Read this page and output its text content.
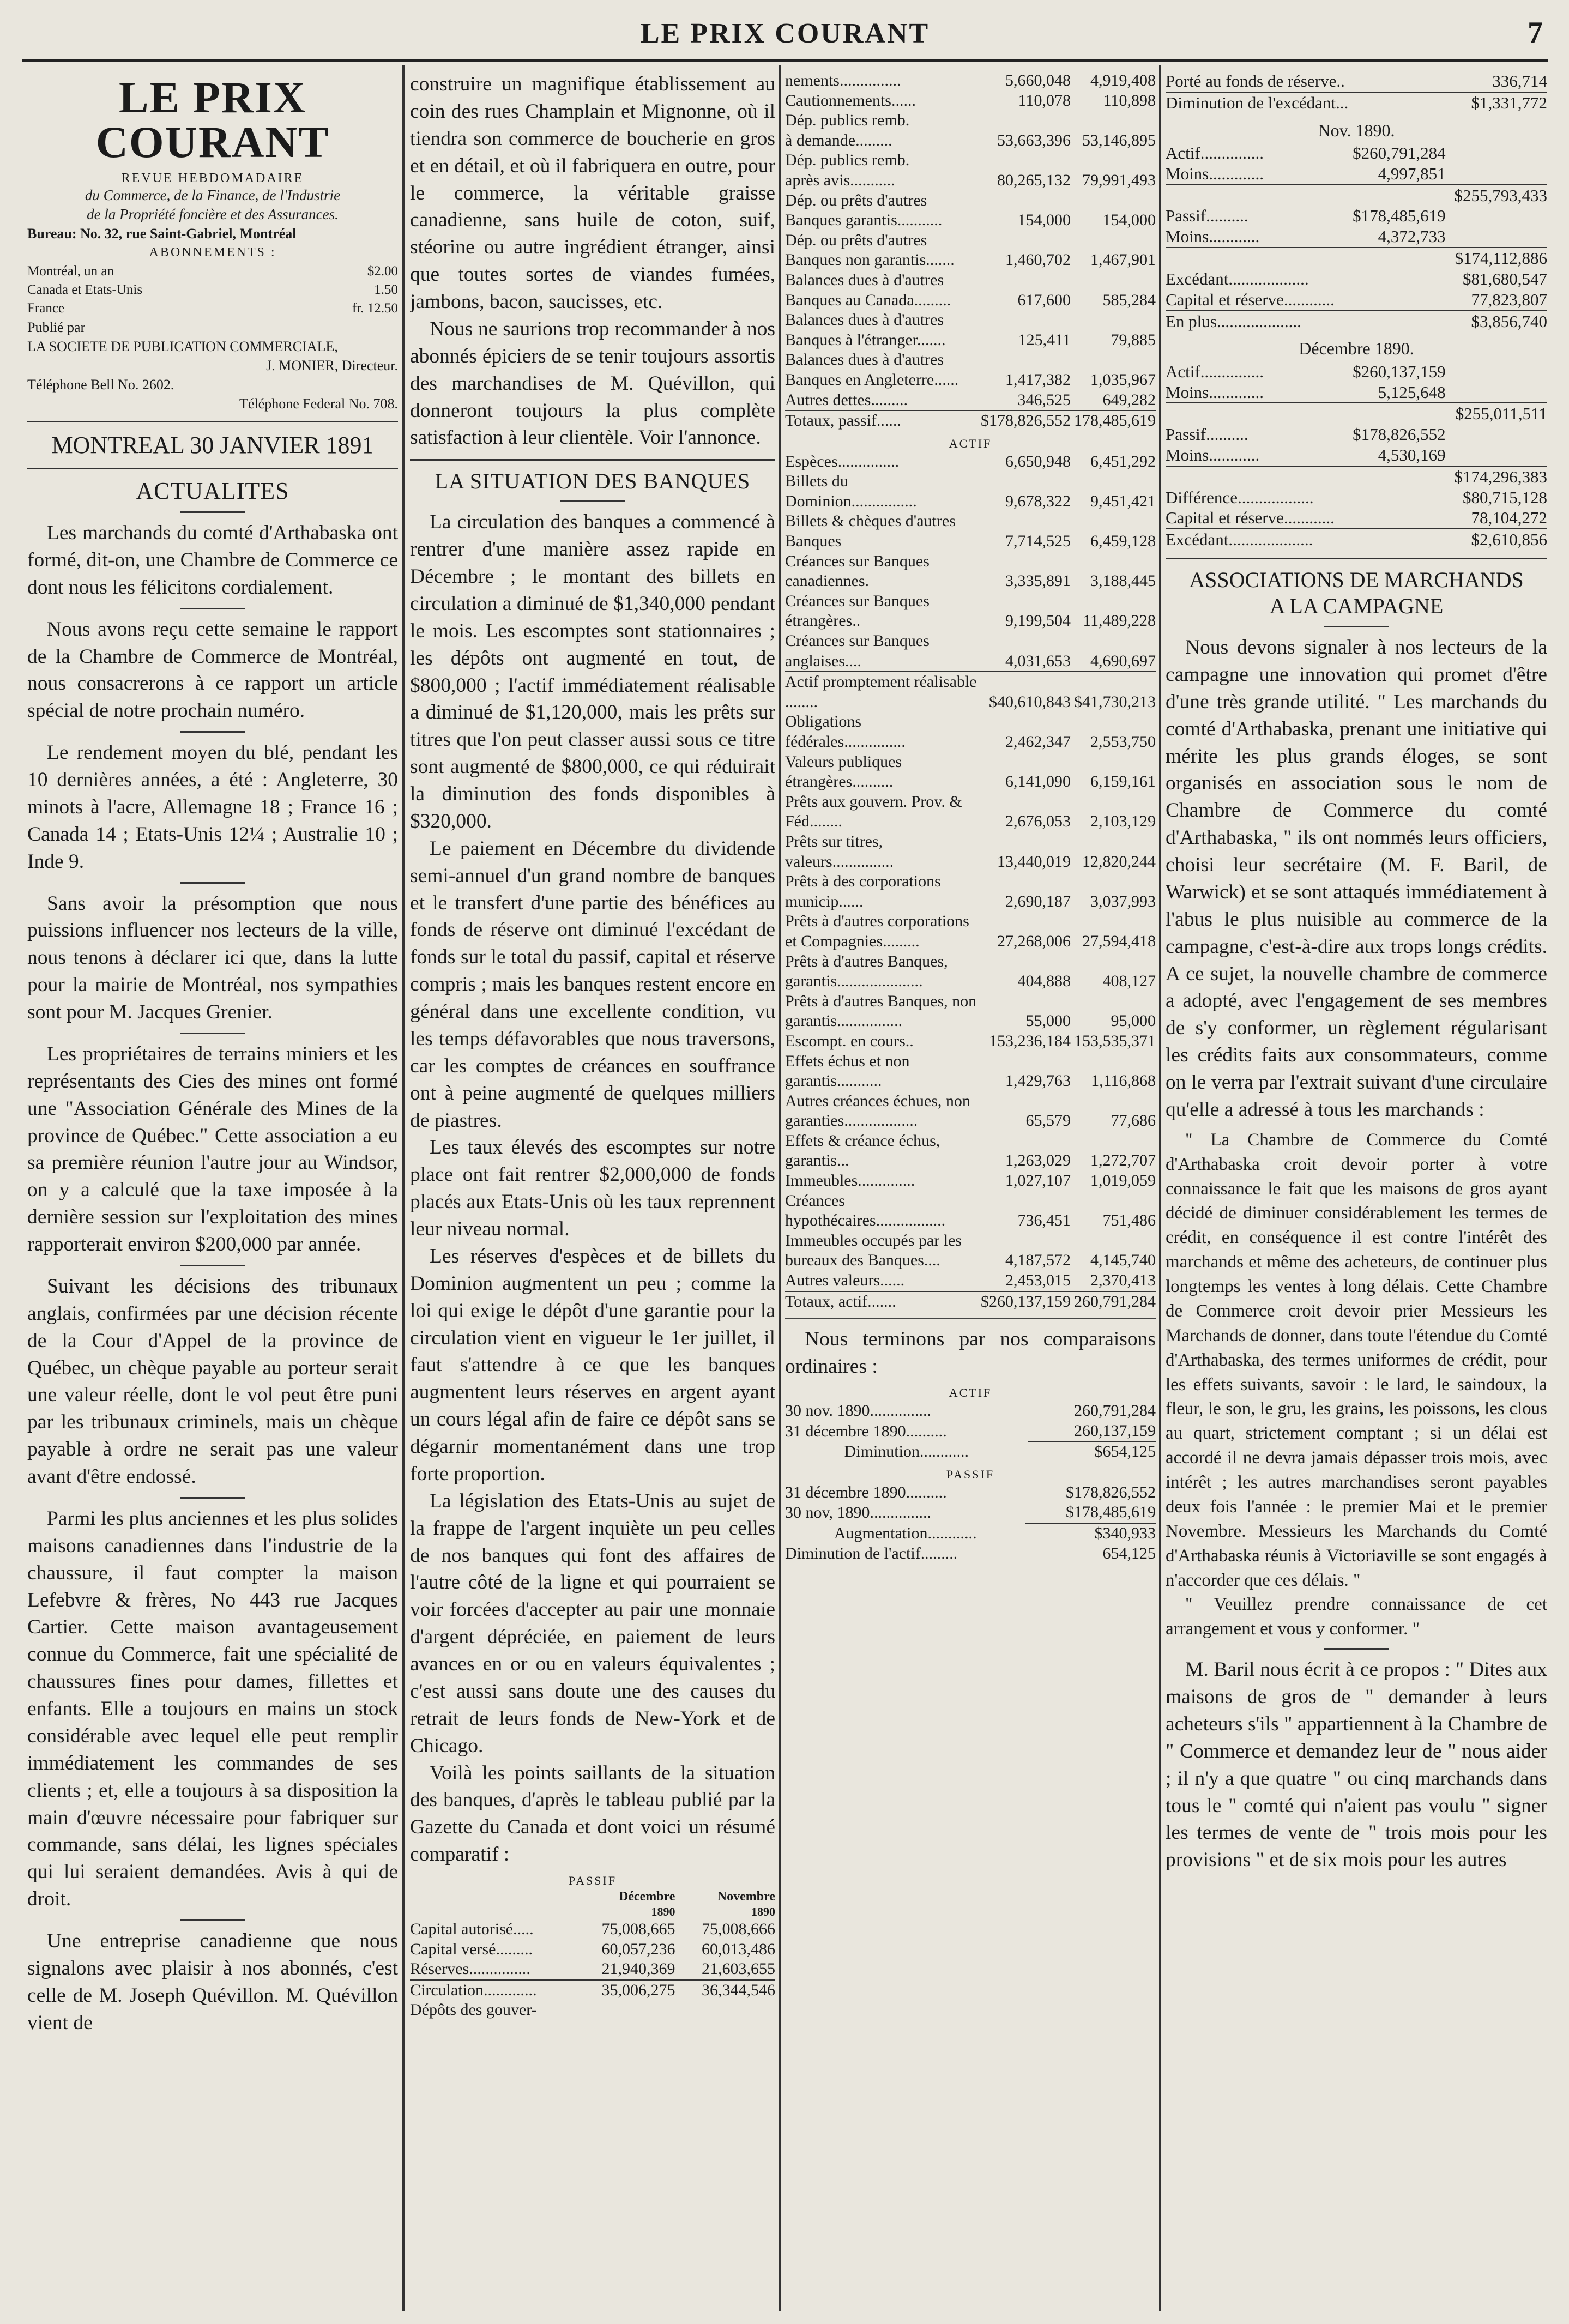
LE PRIX COURANT	7
LE PRIX COURANT
REVUE HEBDOMADAIRE
du Commerce, de la Finance, de l'Industrie
de la Propriété foncière et des Assurances.
Bureau: No. 32, rue Saint-Gabriel, Montréal
ABONNEMENTS :
Montréal, un an	$2.00
Canada et Etats-Unis	1.50
France	fr. 12.50
Publié par
LA SOCIETE DE PUBLICATION COMMERCIALE,
J. MONIER, Directeur.
Téléphone Bell No. 2602.
Téléphone Federal No. 708.
MONTREAL 30 JANVIER 1891
ACTUALITES

Les marchands du comté d'Arthabaska ont formé, dit-on, une Chambre de Commerce ce dont nous les félicitons cordialement.

Nous avons reçu cette semaine le rapport de la Chambre de Commerce de Montréal, nous consacrerons à ce rapport un article spécial de notre prochain numéro.

Le rendement moyen du blé, pendant les 10 dernières années, a été : Angleterre, 30 minots à l'acre, Allemagne 18 ; France 16 ; Canada 14 ; Etats-Unis 12¼ ; Australie 10 ; Inde 9.

Sans avoir la présomption que nous puissions influencer nos lecteurs de la ville, nous tenons à déclarer ici que, dans la lutte pour la mairie de Montréal, nos sympathies sont pour M. Jacques Grenier.

Les propriétaires de terrains miniers et les représentants des Cies des mines ont formé une "Association Générale des Mines de la province de Québec." Cette association a eu sa première réunion l'autre jour au Windsor, on y a calculé que la taxe imposée à la dernière session sur l'exploitation des mines rapporterait environ $200,000 par année.

Suivant les décisions des tribunaux anglais, confirmées par une décision récente de la Cour d'Appel de la province de Québec, un chèque payable au porteur serait une valeur réelle, dont le vol peut être puni par les tribunaux criminels, mais un chèque payable à ordre ne serait pas une valeur avant d'être endossé.

Parmi les plus anciennes et les plus solides maisons canadiennes dans l'industrie de la chaussure, il faut compter la maison Lefebvre & frères, No 443 rue Jacques Cartier. Cette maison avantageusement connue du Commerce, fait une spécialité de chaussures fines pour dames, fillettes et enfants. Elle a toujours en mains un stock considérable avec lequel elle peut remplir immédiatement les commandes de ses clients ; et, elle a toujours à sa disposition la main d'œuvre nécessaire pour fabriquer sur commande, sans délai, les lignes spéciales qui lui seraient demandées. Avis à qui de droit.

Une entreprise canadienne que nous signalons avec plaisir à nos abonnés, c'est celle de M. Joseph Quévillon. M. Quévillon vient de

construire un magnifique établissement au coin des rues Champlain et Mignonne, où il tiendra son commerce de boucherie en gros et en détail, et où il fabriquera en outre, pour le commerce, la véritable graisse canadienne, sans huile de coton, suif, stéorine ou autre ingrédient étranger, ainsi que toutes sortes de viandes fumées, jambons, bacon, saucisses, etc.

Nous ne saurions trop recommander à nos abonnés épiciers de se tenir toujours assortis des marchandises de M. Quévillon, qui donneront toujours la plus complète satisfaction à leur clientèle. Voir l'annonce.

LA SITUATION DES BANQUES

La circulation des banques a commencé à rentrer d'une manière assez rapide en Décembre ; le montant des billets en circulation a diminué de $1,340,000 pendant le mois. Les escomptes sont stationnaires ; les dépôts ont augmenté en tout, de $800,000 ; l'actif immédiatement réalisable a diminué de $1,120,000, mais les prêts sur titres que l'on peut classer aussi sous ce titre sont augmenté de $800,000, ce qui réduirait la diminution des fonds disponibles à $320,000.

Le paiement en Décembre du dividende semi-annuel d'un grand nombre de banques et le transfert d'une partie des bénéfices au fonds de réserve ont diminué l'excédant de fonds sur le total du passif, capital et réserve compris ; mais les banques restent encore en général dans une excellente condition, vu les temps défavorables que nous traversons, car les comptes de créances en souffrance ont à peine augmenté de quelques milliers de piastres.

Les taux élevés des escomptes sur notre place ont fait rentrer $2,000,000 de fonds placés aux Etats-Unis où les taux reprennent leur niveau normal.

Les réserves d'espèces et de billets du Dominion augmentent un peu ; comme la loi qui exige le dépôt d'une garantie pour la circulation vient en vigueur le 1er juillet, il faut s'attendre à ce que les banques augmentent leurs réserves en argent ayant un cours légal afin de faire ce dépôt sans se dégarnir momentanément dans une trop forte proportion.

La législation des Etats-Unis au sujet de la frappe de l'argent inquiète un peu celles de nos banques qui font des affaires de l'autre côté de la ligne et qui pourraient se voir forcées d'accepter au pair une monnaie d'argent dépréciée, en paiement de leurs avances en or ou en valeurs équivalentes ; c'est aussi sans doute une des causes du retrait de leurs fonds de New-York et de Chicago.

Voilà les points saillants de la situation des banques, d'après le tableau publié par la Gazette du Canada et dont voici un résumé comparatif :

PASSIF
	Décembre	Novembre
	1890	1890
Capital autorisé.....	75,008,665	75,008,666
Capital versé.........	60,057,236	60,013,486
Réserves...............	21,940,369	21,603,655
Circulation.............	35,006,275	36,344,546
Dépôts des gouver-		
nements...............	5,660,048	4,919,408
Cautionnements......	110,078	110,898
Dép. publics remb.		
à demande.........	53,663,396	53,146,895
Dép. publics remb.		
après avis...........	80,265,132	79,991,493
Dép. ou prêts d'autres Banques garantis...........	154,000	154,000
Dép. ou prêts d'autres Banques non garantis.......	1,460,702	1,467,901
Balances dues à d'autres Banques au Canada.........	617,600	585,284
Balances dues à d'autres Banques à l'étranger.......	125,411	79,885
Balances dues à d'autres Banques en Angleterre......	1,417,382	1,035,967
Autres dettes.........	346,525	649,282
Totaux, passif......	$178,826,552	178,485,619
ACTIF
Espèces...............	6,650,948	6,451,292
Billets du Dominion................	9,678,322	9,451,421
Billets & chèques d'autres Banques	7,714,525	6,459,128
Créances sur Banques canadiennes.	3,335,891	3,188,445
Créances sur Banques étrangères..	9,199,504	11,489,228
Créances sur Banques anglaises....	4,031,653	4,690,697
Actif promptement réalisable ........	$40,610,843	$41,730,213
Obligations fédérales...............	2,462,347	2,553,750
Valeurs publiques étrangères..........	6,141,090	6,159,161
Prêts aux gouvern. Prov. & Féd........	2,676,053	2,103,129
Prêts sur titres, valeurs...............	13,440,019	12,820,244
Prêts à des corporations municip......	2,690,187	3,037,993
Prêts à d'autres corporations et Compagnies.........	27,268,006	27,594,418
Prêts à d'autres Banques, garantis.....................	404,888	408,127
Prêts à d'autres Banques, non garantis................	55,000	95,000
Escompt. en cours..	153,236,184	153,535,371
Effets échus et non garantis...........	1,429,763	1,116,868
Autres créances échues, non garanties..................	65,579	77,686
Effets & créance échus, garantis...	1,263,029	1,272,707
Immeubles..............	1,027,107	1,019,059
Créances hypothécaires.................	736,451	751,486
Immeubles occupés par les bureaux des Banques....	4,187,572	4,145,740
Autres valeurs......	2,453,015	2,370,413
Totaux, actif.......	$260,137,159	260,791,284

Nous terminons par nos comparaisons ordinaires :

ACTIF
30 nov. 1890...............	260,791,284
31 décembre 1890..........	260,137,159
Diminution............	$654,125
PASSIF
31 décembre 1890..........	$178,826,552
30 nov, 1890...............	$178,485,619
Augmentation............	$340,933
Diminution de l'actif.........	654,125
Porté au fonds de réserve..	336,714
Diminution de l'excédant...	$1,331,772
Nov. 1890.
Actif...............	$260,791,284	
Moins.............	4,997,851	
		$255,793,433
Passif..........	$178,485,619	
Moins............	4,372,733	
		$174,112,886
Excédant...................		$81,680,547
Capital et réserve............		77,823,807
En plus....................		$3,856,740
Décembre 1890.
Actif...............	$260,137,159	
Moins.............	5,125,648	
		$255,011,511
Passif..........	$178,826,552	
Moins............	4,530,169	
		$174,296,383
Différence..................		$80,715,128
Capital et réserve............		78,104,272
Excédant....................		$2,610,856
ASSOCIATIONS DE MARCHANDS
A LA CAMPAGNE

Nous devons signaler à nos lecteurs de la campagne une innovation qui promet d'être d'une très grande utilité. " Les marchands du comté d'Arthabaska, prenant une initiative qui mérite les plus grands éloges, se sont organisés en association sous le nom de Chambre de Commerce du comté d'Arthabaska, " ils ont nommés leurs officiers, choisi leur secrétaire (M. F. Baril, de Warwick) et se sont attaqués immédiatement à l'abus le plus nuisible au commerce de la campagne, c'est-à-dire aux trops longs crédits. A ce sujet, la nouvelle chambre de commerce a adopté, avec l'engagement de ses membres de s'y conformer, un règlement régularisant les crédits faits aux consommateurs, comme on le verra par l'extrait suivant d'une circulaire qu'elle a adressé à tous les marchands :

" La Chambre de Commerce du Comté d'Arthabaska croit devoir porter à votre connaissance le fait que les maisons de gros ayant décidé de diminuer considérablement les termes de crédit, en conséquence il est contre l'intérêt des marchands et même des acheteurs, de continuer plus longtemps les ventes à long délais. Cette Chambre de Commerce croit devoir prier Messieurs les Marchands de donner, dans toute l'étendue du Comté d'Arthabaska, des termes uniformes de crédit, pour les effets suivants, savoir : le lard, le saindoux, la fleur, le son, le gru, les grains, les poissons, les clous au quart, strictement comptant ; si un délai est accordé il ne devra jamais dépasser trois mois, avec intérêt ; les autres marchandises seront payables deux fois l'année : le premier Mai et le premier Novembre. Messieurs les Marchands du Comté d'Arthabaska réunis à Victoriaville se sont engagés à n'accorder que ces délais. "

" Veuillez prendre connaissance de cet arrangement et vous y conformer. "

M. Baril nous écrit à ce propos : " Dites aux maisons de gros de " demander à leurs acheteurs s'ils " appartiennent à la Chambre de " Commerce et demandez leur de " nous aider ; il n'y a que quatre " ou cinq marchands dans tous le " comté qui n'aient pas voulu " signer les termes de vente de " trois mois pour les provisions " et de six mois pour les autres
